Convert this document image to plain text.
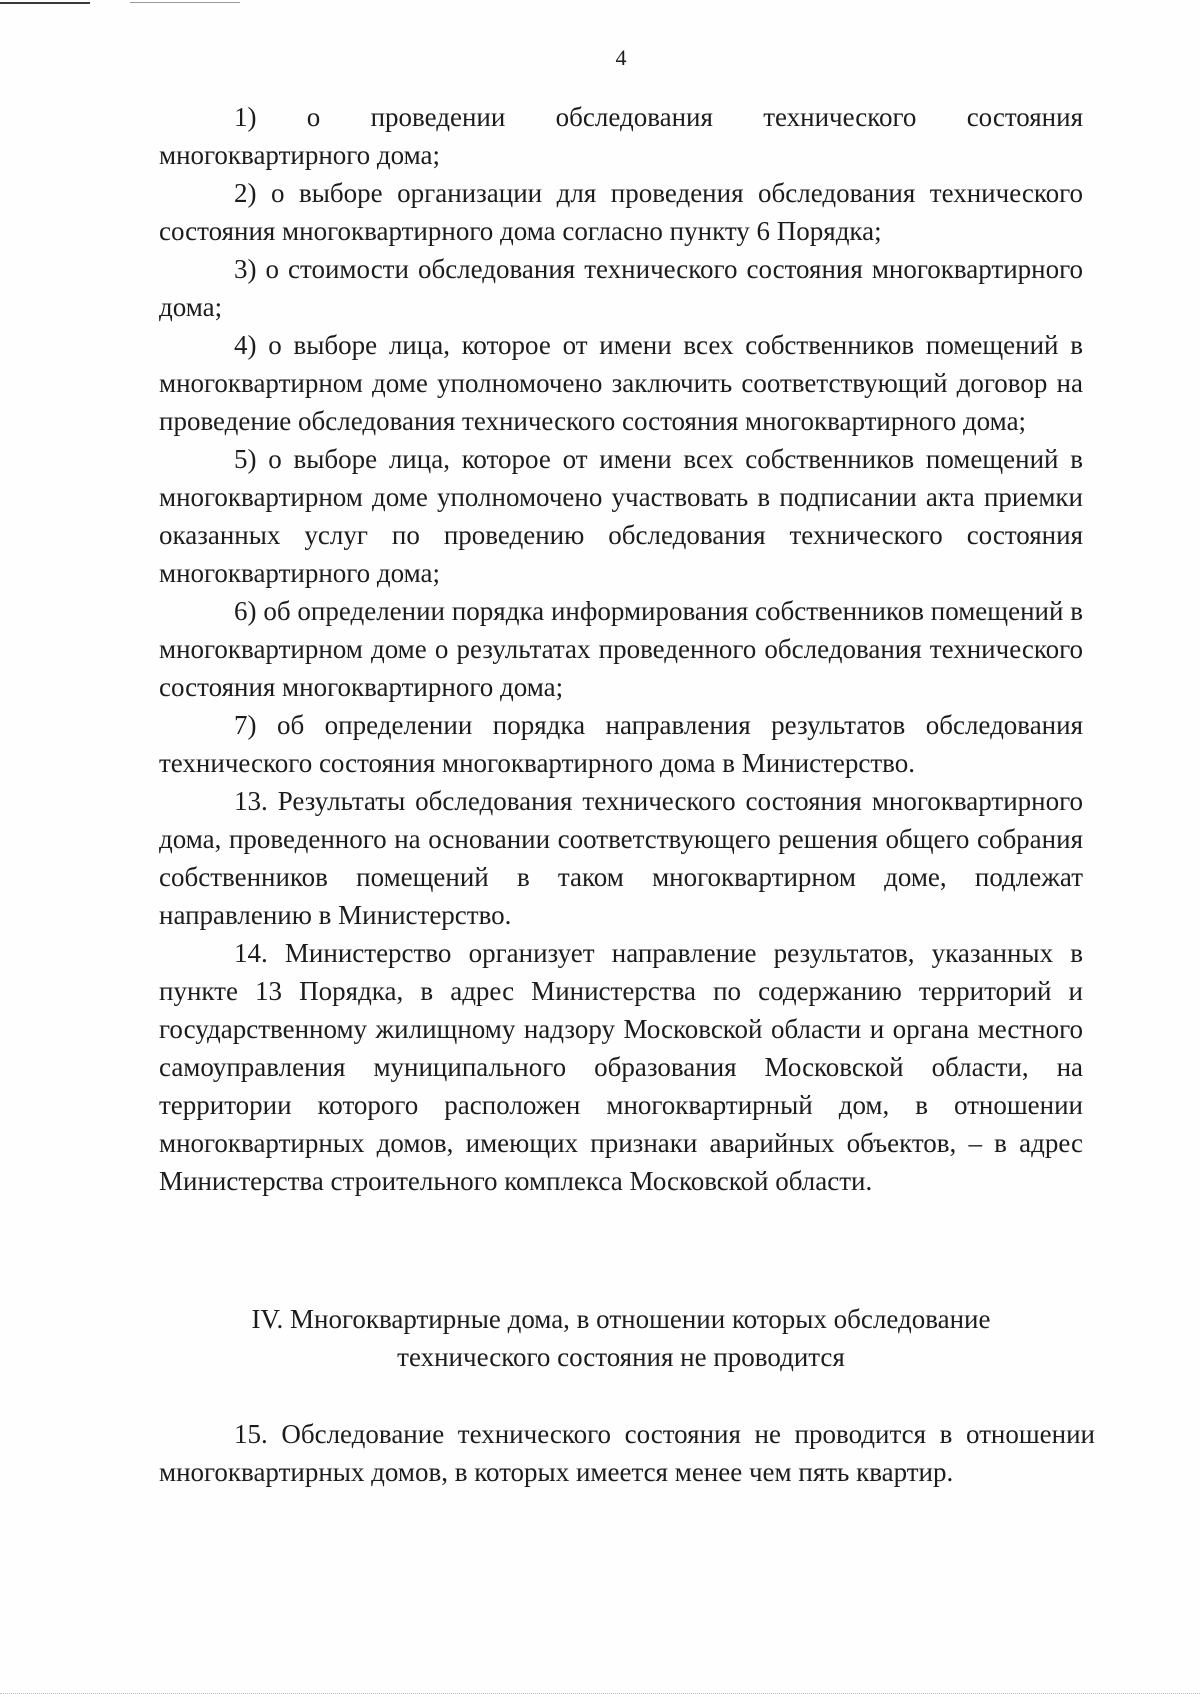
4

1) о проведении обследования технического состояния многоквартирного дома;

2) о выборе организации для проведения обследования технического состояния многоквартирного дома согласно пункту 6 Порядка;

3) о стоимости обследования технического состояния многоквартирного дома;

4) о выборе лица, которое от имени всех собственников помещений в многоквартирном доме уполномочено заключить соответствующий договор на проведение обследования технического состояния многоквартирного дома;

5) о выборе лица, которое от имени всех собственников помещений в многоквартирном доме уполномочено участвовать в подписании акта приемки оказанных услуг по проведению обследования технического состояния многоквартирного дома;

6) об определении порядка информирования собственников помещений в многоквартирном доме о результатах проведенного обследования технического состояния многоквартирного дома;

7) об определении порядка направления результатов обследования технического состояния многоквартирного дома в Министерство.

13. Результаты обследования технического состояния многоквартирного дома, проведенного на основании соответствующего решения общего собрания собственников помещений в таком многоквартирном доме, подлежат направлению в Министерство.

14. Министерство организует направление результатов, указанных в пункте 13 Порядка, в адрес Министерства по содержанию территорий и государственному жилищному надзору Московской области и органа местного самоуправления муниципального образования Московской области, на территории которого расположен многоквартирный дом, в отношении многоквартирных домов, имеющих признаки аварийных объектов, – в адрес Министерства строительного комплекса Московской области.

IV. Многоквартирные дома, в отношении которых обследование
технического состояния не проводится

15. Обследование технического состояния не проводится в отношении многоквартирных домов, в которых имеется менее чем пять квартир.
